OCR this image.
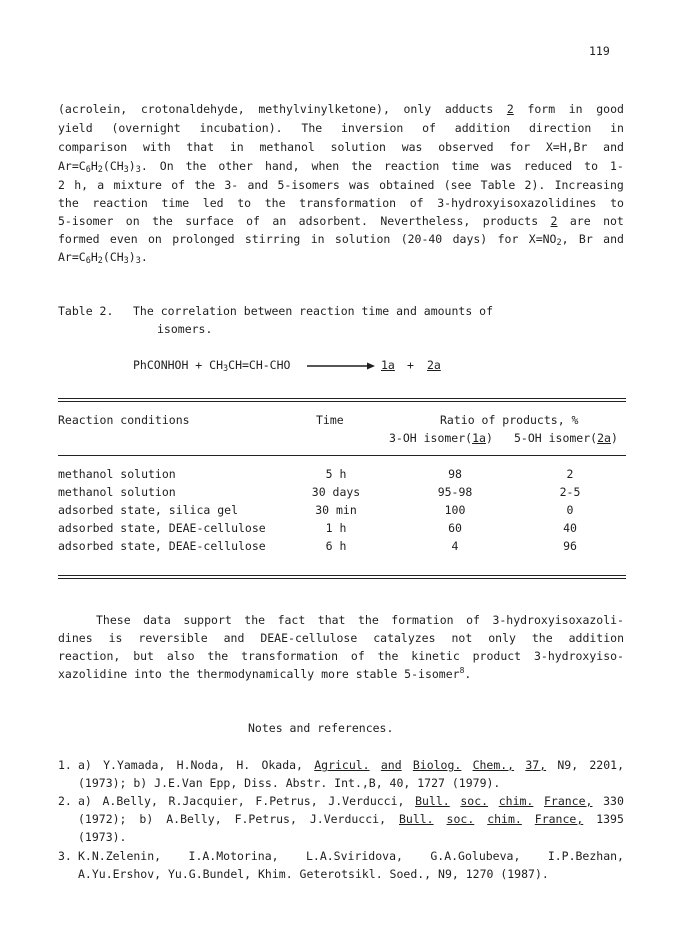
119
(acrolein, crotonaldehyde, methylvinylketone), only adducts 2 form in good
yield (overnight incubation). The inversion of addition direction in
comparison with that in methanol solution was observed for X=H,Br and
$Ar=C_6H_2(CH_3)_3$. On the other hand, when the reaction time was reduced to 1-
2 h, a mixture of the 3- and 5-isomers was obtained (see Table 2). Increasing
the reaction time led to the transformation of 3-hydroxyisoxazolidines to
5-isomer on the surface of an adsorbent. Nevertheless, products 2 are not
formed even on prolonged stirring in solution (20-40 days) for $X=NO_2$, Br and
$Ar=C_6H_2(CH_3)_3$.
Table 2. The correlation between reaction time and amounts of
isomers.
PhCONHOH + $CH_3CH=CH$-CHO	1a + 2a
Reaction conditions	Time	Ratio of products, %
3-OH isomer(1a) 5-OH isomer(2a)
methanol solution	5 h	98	2
methanol solution	30 days	95-98	2-5
adsorbed state, silica gel	30 min	100	0
adsorbed state, DEAE-cellulose	1 h	60	40
adsorbed state, DEAE-cellulose	6 h	4	96
These data support the fact that the formation of 3-hydroxyisoxazoli-
dines is reversible and DEAE-cellulose catalyzes not only the addition
reaction, but also the transformation of the kinetic product 3-hydroxyiso-
xazolidine into the thermodynamically more stable 5-isomer$^8$.
Notes and references.
1. a) Y.Yamada, H.Noda, H. Okada, Agricul. and Biolog. Chem., 37, N9, 2201,
(1973); b) J.E.Van Epp, Diss. Abstr. Int.,B, 40, 1727 (1979).
2. a) A.Belly, R.Jacquier, F.Petrus, J.Verducci, Bull. soc. chim. France, 330
(1972); b) A.Belly, F.Petrus, J.Verducci, Bull. soc. chim. France, 1395
(1973).
3. K.N.Zelenin, I.A.Motorina, L.A.Sviridova, G.A.Golubeva, I.P.Bezhan,
A.Yu.Ershov, Yu.G.Bundel, Khim. Geterotsikl. Soed., N9, 1270 (1987).
